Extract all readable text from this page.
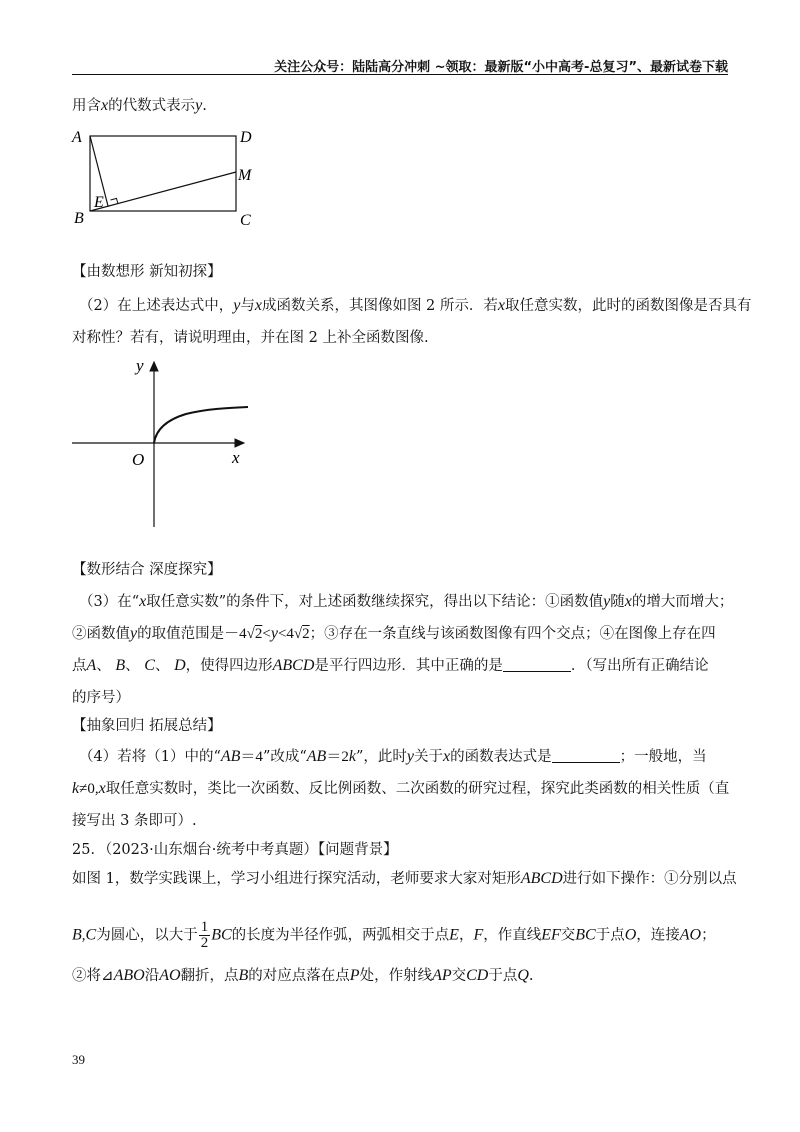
关注公众号：陆陆高分冲刺 ~领取：最新版“小中高考-总复习”、最新试卷下载
用含x的代数式表示y.
A	D
M
B	C
E
【由数想形 新知初探】
（2）在上述表达式中，y与x成函数关系，其图像如图 2 所示．若x取任意实数，此时的函数图像是否具有
对称性？若有，请说明理由，并在图 2 上补全函数图像.
y
x
O
【数形结合 深度探究】
（3）在“x取任意实数”的条件下，对上述函数继续探究，得出以下结论：①函数值y随x的增大而增大；
②函数值y的取值范围是－4√2<y<4√2；③存在一条直线与该函数图像有四个交点；④在图像上存在四
点A、 B、 C、 D，使得四边形ABCD是平行四边形．其中正确的是	．（写出所有正确结论
的序号）
【抽象回归 拓展总结】
（4）若将（1）中的“AB＝4”改成“AB＝2k”，此时y关于x的函数表达式是	；一般地，当
k≠0,x取任意实数时，类比一次函数、反比例函数、二次函数的研究过程，探究此类函数的相关性质（直
接写出 3 条即可）.
25．（2023·山东烟台·统考中考真题）【问题背景】
如图 1，数学实践课上，学习小组进行探究活动，老师要求大家对矩形ABCD进行如下操作：①分别以点
B,C为圆心，以大于 $\frac{1}{2}$ BC的长度为半径作弧，两弧相交于点E，F，作直线EF交BC于点O，连接AO；
②将⊿ABO沿AO翻折，点B的对应点落在点P处，作射线AP交CD于点Q.
39
